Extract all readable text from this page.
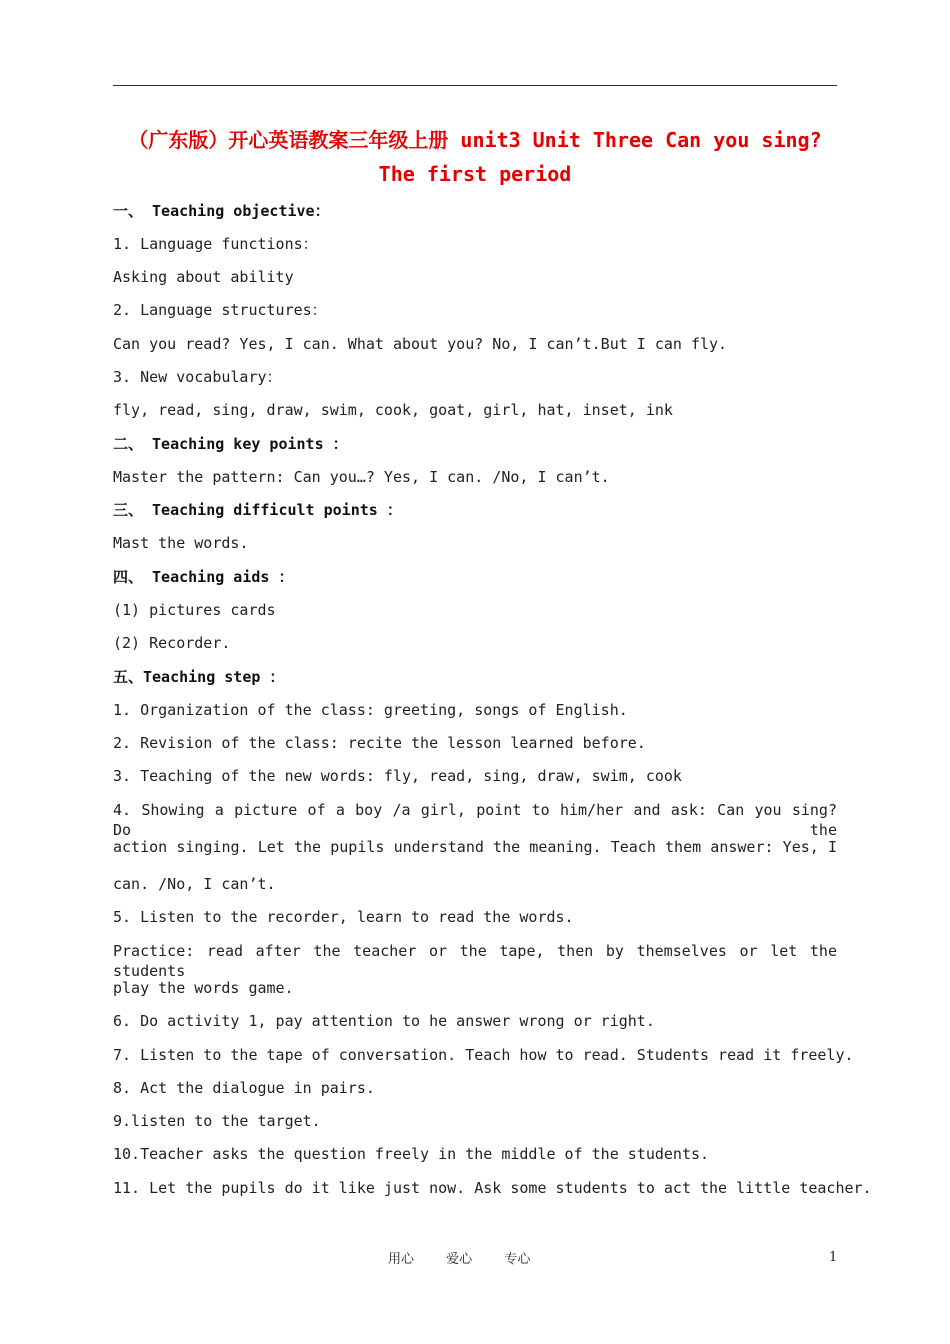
（广东版）开心英语教案三年级上册 unit3 Unit Three Can you sing?
The first period
一、 Teaching objective：
1. Language functions：
Asking about ability
2. Language structures：
Can you read? Yes, I can. What about you? No, I can’t.But I can fly.
3. New vocabulary：
fly, read, sing, draw, swim, cook, goat, girl, hat, inset, ink
二、 Teaching key points ：
Master the pattern: Can you…? Yes, I can. /No, I can’t.
三、 Teaching difficult points ：
Mast the words.
四、 Teaching aids ：
(1) pictures cards
(2) Recorder.
五、Teaching step ：
1. Organization of the class: greeting, songs of English.
2. Revision of the class: recite the lesson learned before.
3. Teaching of the new words: fly, read, sing, draw, swim, cook
4. Showing a picture of a boy /a girl, point to him/her and ask: Can you sing? Do the
action singing. Let the pupils understand the meaning. Teach them answer: Yes, I
can. /No, I can’t.
5. Listen to the recorder, learn to read the words.
Practice: read after the teacher or the tape, then by themselves or let the students
play the words game.
6. Do activity 1, pay attention to he answer wrong or right.
7. Listen to the tape of conversation. Teach how to read. Students read it freely.
8. Act the dialogue in pairs.
9.listen to the target.
10.Teacher asks the question freely in the middle of the students.
11. Let the pupils do it like just now. Ask some students to act the little teacher.
用心 爱心 专心	1
